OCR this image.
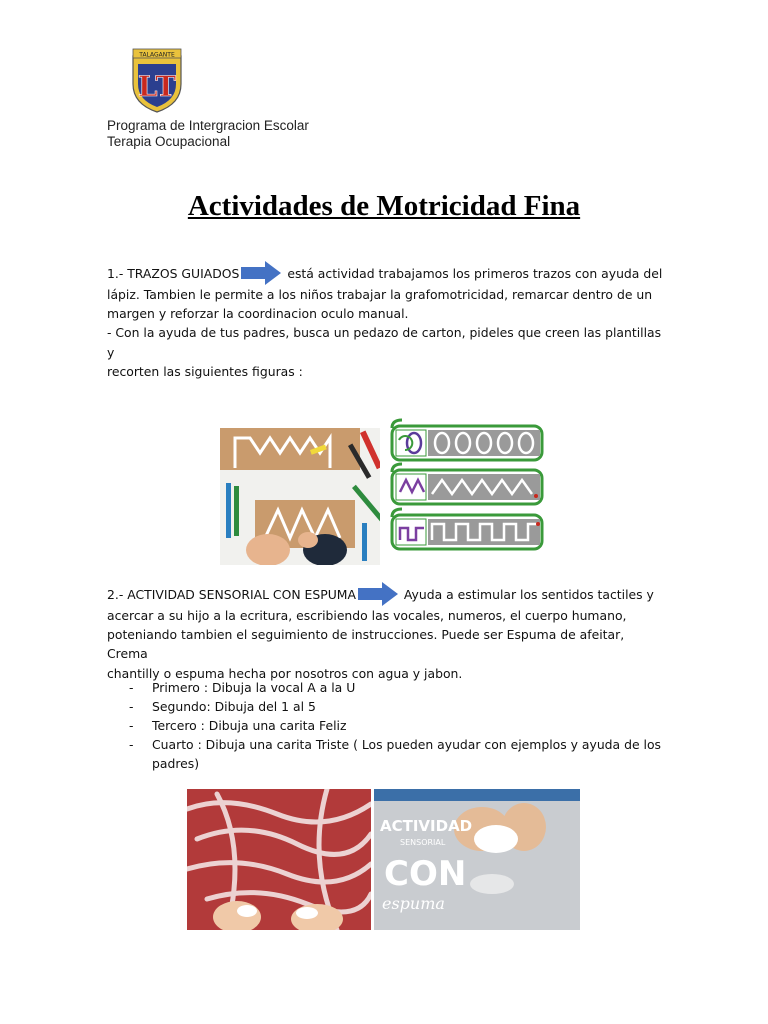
TALAGANTE
LT
Programa de Intergracion Escolar
Terapia Ocupacional
Actividades de Motricidad Fina
1.- TRAZOS GUIADOS	está actividad trabajamos los primeros trazos con ayuda del
lápiz. Tambien le permite a los niños trabajar la grafomotricidad, remarcar dentro de un
margen y reforzar la coordinacion oculo manual.
- Con la ayuda de tus padres, busca un pedazo de carton, pideles que creen las plantillas y
recorten las siguientes figuras :
2.- ACTIVIDAD SENSORIAL CON ESPUMA	Ayuda a estimular los sentidos tactiles y
acercar a su hijo a la ecritura, escribiendo las vocales, numeros, el cuerpo humano,
poteniando tambien el seguimiento de instrucciones. Puede ser Espuma de afeitar, Crema
chantilly o espuma hecha por nosotros con agua y jabon.
- Primero : Dibuja la vocal A a la U
- Segundo: Dibuja del 1 al 5
- Tercero : Dibuja una carita Feliz
- Cuarto : Dibuja una carita Triste ( Los pueden ayudar con ejemplos y ayuda de los
padres)
ACTIVIDAD
SENSORIAL
CON
espuma
